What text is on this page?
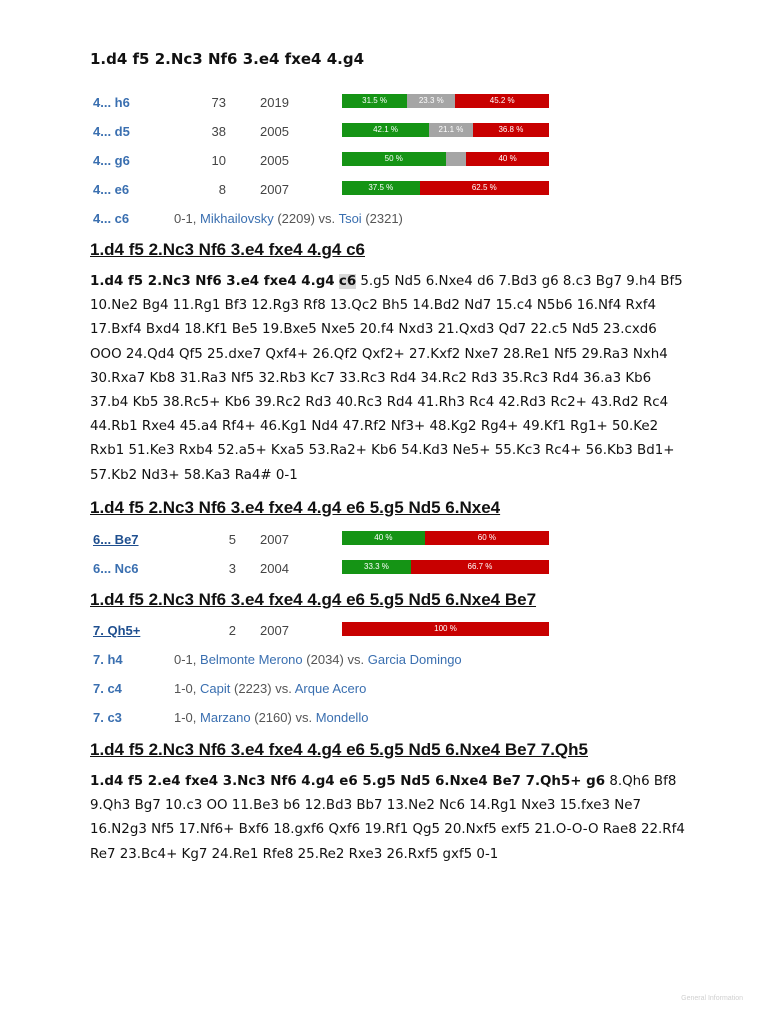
1.d4 f5 2.Nc3 Nf6 3.e4 fxe4 4.g4
4... h6	73	2019	31.5 %	23.3 %	45.2 %
4... d5	38	2005	42.1 %	21.1 %	36.8 %
4... g6	10	2005	50 %	40 %
4... e6	8	2007	37.5 %	62.5 %
4... c6	0-1, Mikhailovsky (2209) vs. Tsoi (2321)
1.d4 f5 2.Nc3 Nf6 3.e4 fxe4 4.g4 c6
1.d4 f5 2.Nc3 Nf6 3.e4 fxe4 4.g4 c6 5.g5 Nd5 6.Nxe4 d6 7.Bd3 g6 8.c3 Bg7 9.h4 Bf5 10.Ne2 Bg4 11.Rg1 Bf3 12.Rg3 Rf8 13.Qc2 Bh5 14.Bd2 Nd7 15.c4 N5b6 16.Nf4 Rxf4 17.Bxf4 Bxd4 18.Kf1 Be5 19.Bxe5 Nxe5 20.f4 Nxd3 21.Qxd3 Qd7 22.c5 Nd5 23.cxd6 OOO 24.Qd4 Qf5 25.dxe7 Qxf4+ 26.Qf2 Qxf2+ 27.Kxf2 Nxe7 28.Re1 Nf5 29.Ra3 Nxh4 30.Rxa7 Kb8 31.Ra3 Nf5 32.Rb3 Kc7 33.Rc3 Rd4 34.Rc2 Rd3 35.Rc3 Rd4 36.a3 Kb6 37.b4 Kb5 38.Rc5+ Kb6 39.Rc2 Rd3 40.Rc3 Rd4 41.Rh3 Rc4 42.Rd3 Rc2+ 43.Rd2 Rc4 44.Rb1 Rxe4 45.a4 Rf4+ 46.Kg1 Nd4 47.Rf2 Nf3+ 48.Kg2 Rg4+ 49.Kf1 Rg1+ 50.Ke2 Rxb1 51.Ke3 Rxb4 52.a5+ Kxa5 53.Ra2+ Kb6 54.Kd3 Ne5+ 55.Kc3 Rc4+ 56.Kb3 Bd1+ 57.Kb2 Nd3+ 58.Ka3 Ra4# 0-1
1.d4 f5 2.Nc3 Nf6 3.e4 fxe4 4.g4 e6 5.g5 Nd5 6.Nxe4
6... Be7	5 2007	40 %	60 %
6... Nc6	3 2004	33.3 %	66.7 %
1.d4 f5 2.Nc3 Nf6 3.e4 fxe4 4.g4 e6 5.g5 Nd5 6.Nxe4 Be7
7. Qh5+	2 2007	100 %
7. h4	0-1, Belmonte Merono (2034) vs. Garcia Domingo
7. c4	1-0, Capit (2223) vs. Arque Acero
7. c3	1-0, Marzano (2160) vs. Mondello
1.d4 f5 2.Nc3 Nf6 3.e4 fxe4 4.g4 e6 5.g5 Nd5 6.Nxe4 Be7 7.Qh5
1.d4 f5 2.e4 fxe4 3.Nc3 Nf6 4.g4 e6 5.g5 Nd5 6.Nxe4 Be7 7.Qh5+ g6 8.Qh6 Bf8 9.Qh3 Bg7 10.c3 OO 11.Be3 b6 12.Bd3 Bb7 13.Ne2 Nc6 14.Rg1 Nxe3 15.fxe3 Ne7 16.N2g3 Nf5 17.Nf6+ Bxf6 18.gxf6 Qxf6 19.Rf1 Qg5 20.Nxf5 exf5 21.O-O-O Rae8 22.Rf4 Re7 23.Bc4+ Kg7 24.Re1 Rfe8 25.Re2 Rxe3 26.Rxf5 gxf5 0-1
General Information
